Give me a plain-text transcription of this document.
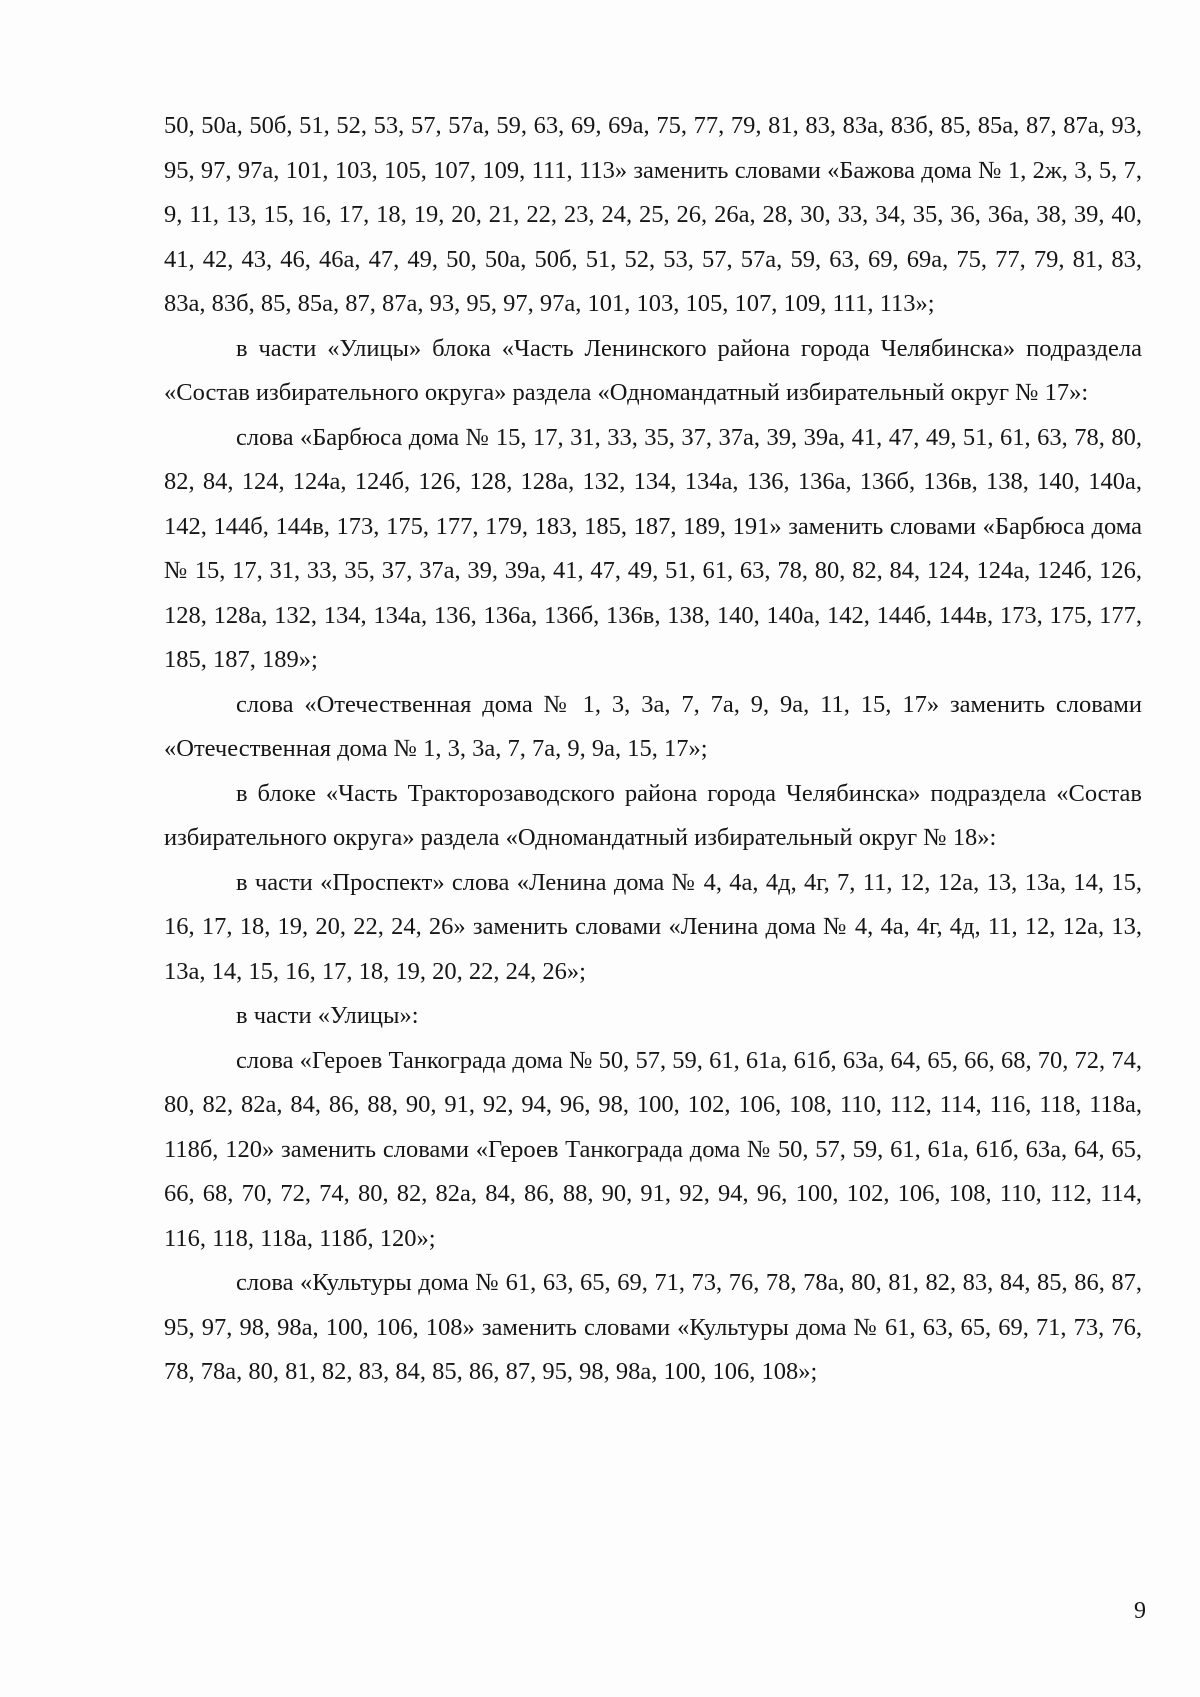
50, 50а, 50б, 51, 52, 53, 57, 57а, 59, 63, 69, 69а, 75, 77, 79, 81, 83, 83а, 83б, 85, 85а, 87, 87а, 93, 95, 97, 97а, 101, 103, 105, 107, 109, 111, 113» заменить словами «Бажова дома № 1, 2ж, 3, 5, 7, 9, 11, 13, 15, 16, 17, 18, 19, 20, 21, 22, 23, 24, 25, 26, 26а, 28, 30, 33, 34, 35, 36, 36а, 38, 39, 40, 41, 42, 43, 46, 46а, 47, 49, 50, 50а, 50б, 51, 52, 53, 57, 57а, 59, 63, 69, 69а, 75, 77, 79, 81, 83, 83а, 83б, 85, 85а, 87, 87а, 93, 95, 97, 97а, 101, 103, 105, 107, 109, 111, 113»;

в части «Улицы» блока «Часть Ленинского района города Челябинска» подраздела «Состав избирательного округа» раздела «Одномандатный избирательный округ № 17»:

слова «Барбюса дома № 15, 17, 31, 33, 35, 37, 37а, 39, 39а, 41, 47, 49, 51, 61, 63, 78, 80, 82, 84, 124, 124а, 124б, 126, 128, 128а, 132, 134, 134а, 136, 136а, 136б, 136в, 138, 140, 140а, 142, 144б, 144в, 173, 175, 177, 179, 183, 185, 187, 189, 191» заменить словами «Барбюса дома № 15, 17, 31, 33, 35, 37, 37а, 39, 39а, 41, 47, 49, 51, 61, 63, 78, 80, 82, 84, 124, 124а, 124б, 126, 128, 128а, 132, 134, 134а, 136, 136а, 136б, 136в, 138, 140, 140а, 142, 144б, 144в, 173, 175, 177, 185, 187, 189»;

слова «Отечественная дома № 1, 3, 3а, 7, 7а, 9, 9а, 11, 15, 17» заменить словами «Отечественная дома № 1, 3, 3а, 7, 7а, 9, 9а, 15, 17»;

в блоке «Часть Тракторозаводского района города Челябинска» подраздела «Состав избирательного округа» раздела «Одномандатный избирательный округ № 18»:

в части «Проспект» слова «Ленина дома № 4, 4а, 4д, 4г, 7, 11, 12, 12а, 13, 13а, 14, 15, 16, 17, 18, 19, 20, 22, 24, 26» заменить словами «Ленина дома № 4, 4а, 4г, 4д, 11, 12, 12а, 13, 13а, 14, 15, 16, 17, 18, 19, 20, 22, 24, 26»;

в части «Улицы»:

слова «Героев Танкограда дома № 50, 57, 59, 61, 61а, 61б, 63а, 64, 65, 66, 68, 70, 72, 74, 80, 82, 82а, 84, 86, 88, 90, 91, 92, 94, 96, 98, 100, 102, 106, 108, 110, 112, 114, 116, 118, 118а, 118б, 120» заменить словами «Героев Танкограда дома № 50, 57, 59, 61, 61а, 61б, 63а, 64, 65, 66, 68, 70, 72, 74, 80, 82, 82а, 84, 86, 88, 90, 91, 92, 94, 96, 100, 102, 106, 108, 110, 112, 114, 116, 118, 118а, 118б, 120»;

слова «Культуры дома № 61, 63, 65, 69, 71, 73, 76, 78, 78а, 80, 81, 82, 83, 84, 85, 86, 87, 95, 97, 98, 98а, 100, 106, 108» заменить словами «Культуры дома № 61, 63, 65, 69, 71, 73, 76, 78, 78а, 80, 81, 82, 83, 84, 85, 86, 87, 95, 98, 98а, 100, 106, 108»;

9
